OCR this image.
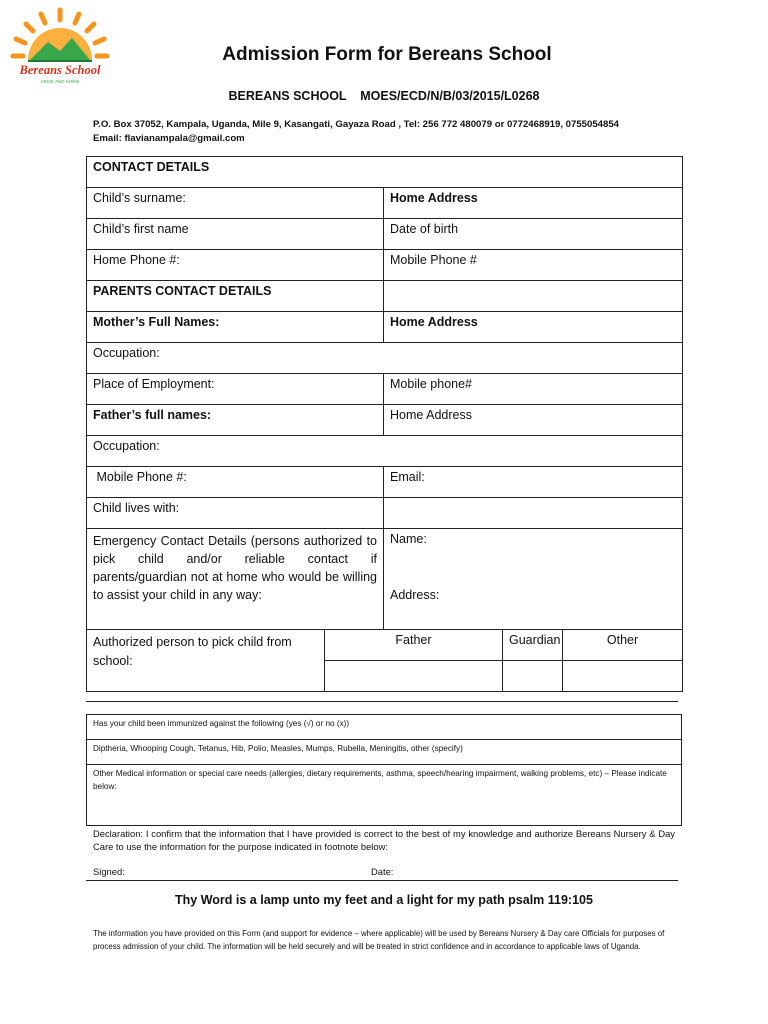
Bereans School
ARISE AND SHINE
Admission Form for Bereans School
BEREANS SCHOOL    MOES/ECD/N/B/03/2015/L0268
P.O. Box 37052, Kampala, Uganda, Mile 9, Kasangati, Gayaza Road , Tel: 256 772 480079 or 0772468919, 0755054854
Email: flavianampala@gmail.com
CONTACT DETAILS				
Child’s surname:		Home Address		
Child’s first name		Date of birth		
Home Phone #:		Mobile Phone #		
PARENTS CONTACT DETAILS				
Mother’s Full Names:		Home Address		
Occupation:				
Place of Employment:		Mobile phone#		
Father’s full names:		Home Address		
Occupation:				
Mobile Phone #:		Email:		
Child lives with:				
Emergency Contact Details (persons authorized to pick child and/or reliable contact if parents/guardian not at home who would be willing to assist your child in any way:		Name:
Address:		

Authorized person to pick child from school:	Father		Guardian	Other

Has your child been immunized against the following (yes (√) or no (x))
Diptheria, Whooping Cough, Tetanus, Hib, Polio, Measles, Mumps, Rubella, Meningitis, other (specify)
Other Medical information or special care needs (allergies, dietary requirements, asthma, speech/hearing impairment, walking problems, etc) – Please indicate below:
Declaration: I confirm that the information that I have provided is correct to the best of my knowledge and authorize Bereans Nursery & Day Care to use the information for the purpose indicated in footnote below:
Signed:	Date:
Thy Word is a lamp unto my feet and a light for my path psalm 119:105
The information you have provided on this Form (and support for evidence – where applicable) will be used by Bereans Nursery & Day care Officials for purposes of process admission of your child. The information will be held securely and will be treated in strict confidence and in accordance to applicable laws of Uganda.
